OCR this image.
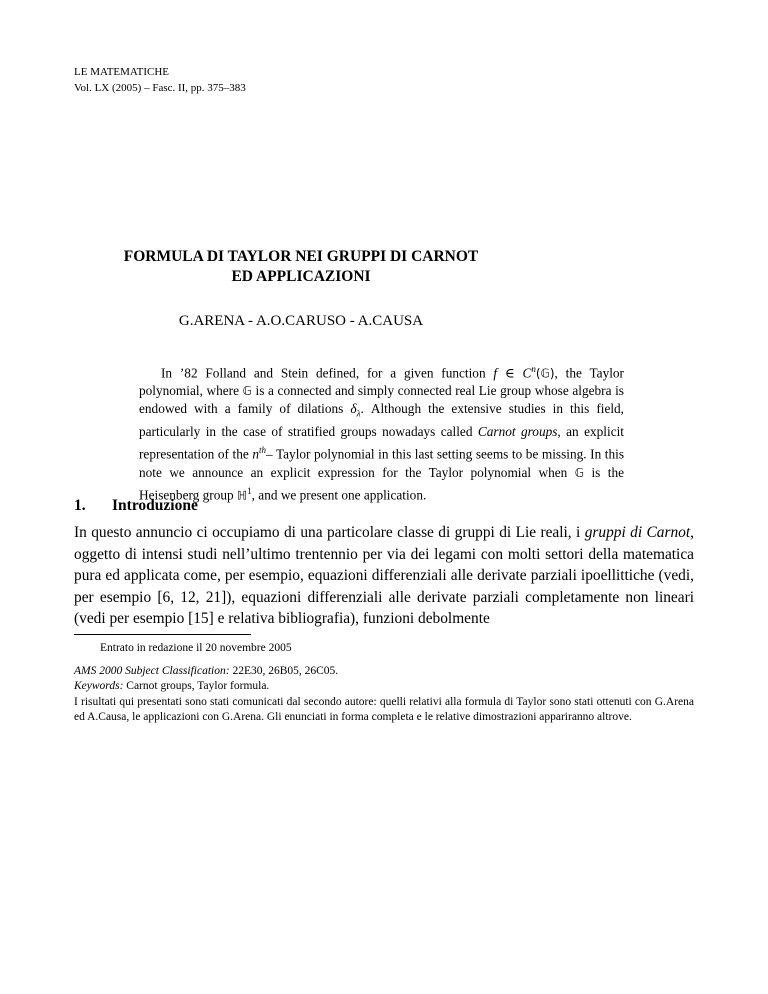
LE MATEMATICHE
Vol. LX (2005) – Fasc. II, pp. 375–383
FORMULA DI TAYLOR NEI GRUPPI DI CARNOT
ED APPLICAZIONI
G.ARENA - A.O.CARUSO - A.CAUSA

In ’82 Folland and Stein defined, for a given function f ∈ $C^n(𝔾)$, the Taylor polynomial, where 𝔾 is a connected and simply connected real Lie group whose algebra is endowed with a family of dilations $\delta_\lambda$. Although the extensive studies in this field, particularly in the case of stratified groups nowadays called Carnot groups, an explicit representation of the $n^{th}-$ Taylor polynomial in this last setting seems to be missing. In this note we announce an explicit expression for the Taylor polynomial when 𝔾 is the Heisenberg group ℍ$^1$, and we present one application.

1. Introduzione

In questo annuncio ci occupiamo di una particolare classe di gruppi di Lie reali, i gruppi di Carnot, oggetto di intensi studi nell’ultimo trentennio per via dei legami con molti settori della matematica pura ed applicata come, per esempio, equazioni differenziali alle derivate parziali ipoellittiche (vedi, per esempio [6, 12, 21]), equazioni differenziali alle derivate parziali completamente non lineari (vedi per esempio [15] e relativa bibliografia), funzioni debolmente

Entrato in redazione il 20 novembre 2005

AMS 2000 Subject Classification: 22E30, 26B05, 26C05.

Keywords: Carnot groups, Taylor formula.

I risultati qui presentati sono stati comunicati dal secondo autore: quelli relativi alla formula di Taylor sono stati ottenuti con G.Arena ed A.Causa, le applicazioni con G.Arena. Gli enunciati in forma completa e le relative dimostrazioni appariranno altrove.
